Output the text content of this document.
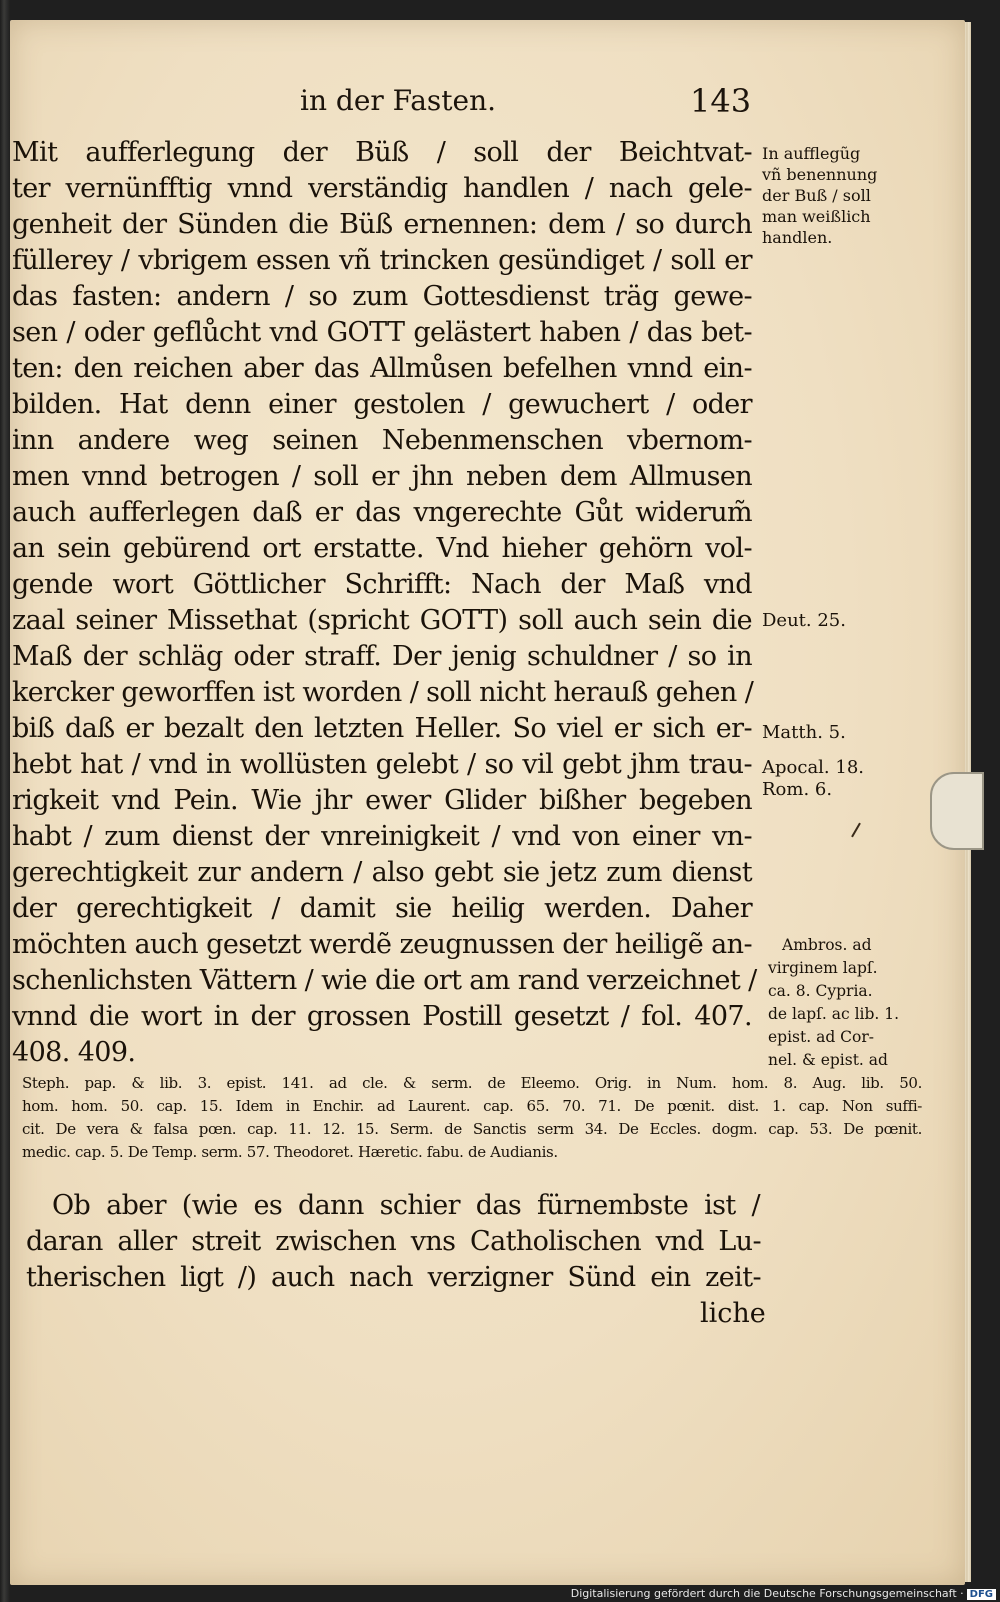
in der Fasten.	143
Mit aufferlegung der Büß / soll der Beichtvat-
ter vernünfftig vnnd verständig handlen / nach gele-
genheit der Sünden die Büß ernennen: dem / so durch
füllerey / vbrigem essen vñ trincken gesündiget / soll er
das fasten: andern / so zum Gottesdienst träg gewe-
sen / oder geflůcht vnd GOTT gelästert haben / das bet-
ten: den reichen aber das Allmůsen befelhen vnnd ein-
bilden. Hat denn einer gestolen / gewuchert / oder
inn andere weg seinen Nebenmenschen vbernom-
men vnnd betrogen / soll er jhn neben dem Allmusen
auch aufferlegen daß er das vngerechte Gůt widerum̃
an sein gebürend ort erstatte. Vnd hieher gehörn vol-
gende wort Göttlicher Schrifft: Nach der Maß vnd
zaal seiner Missethat (spricht GOTT) soll auch sein die
Maß der schläg oder straff. Der jenig schuldner / so in
kercker geworffen ist worden / soll nicht herauß gehen /
biß daß er bezalt den letzten Heller. So viel er sich er-
hebt hat / vnd in wollüsten gelebt / so vil gebt jhm trau-
rigkeit vnd Pein. Wie jhr ewer Glider bißher begeben
habt / zum dienst der vnreinigkeit / vnd von einer vn-
gerechtigkeit zur andern / also gebt sie jetz zum dienst
der gerechtigkeit / damit sie heilig werden. Daher
möchten auch gesetzt werdẽ zeugnussen der heiligẽ an-
schenlichsten Vättern / wie die ort am rand verzeichnet /
vnnd die wort in der grossen Postill gesetzt / fol. 407.
408. 409.
In aufflegũg
vñ benennung
der Buß / soll
man weißlich
handlen.
Deut. 25.
Matth. 5.
Apocal. 18.
Rom. 6.
Ambros. ad
virginem lapſ.
ca. 8. Cypria.
de lapſ. ac lib. 1.
epist. ad Cor-
nel. & epist. ad
Steph. pap. & lib. 3. epist. 141. ad cle. & serm. de Eleemo. Orig. in Num. hom. 8. Aug. lib. 50.
hom. hom. 50. cap. 15. Idem in Enchir. ad Laurent. cap. 65. 70. 71. De pœnit. dist. 1. cap. Non suffi-
cit. De vera & falsa pœn. cap. 11. 12. 15. Serm. de Sanctis serm 34. De Eccles. dogm. cap. 53. De pœnit.
medic. cap. 5. De Temp. serm. 57. Theodoret. Hæretic. fabu. de Audianis.
Ob aber (wie es dann schier das fürnembste ist /
daran aller streit zwischen vns Catholischen vnd Lu-
therischen ligt /) auch nach verzigner Sünd ein zeit-
liche
Digitalisierung gefördert durch die Deutsche Forschungsgemeinschaft · DFG
